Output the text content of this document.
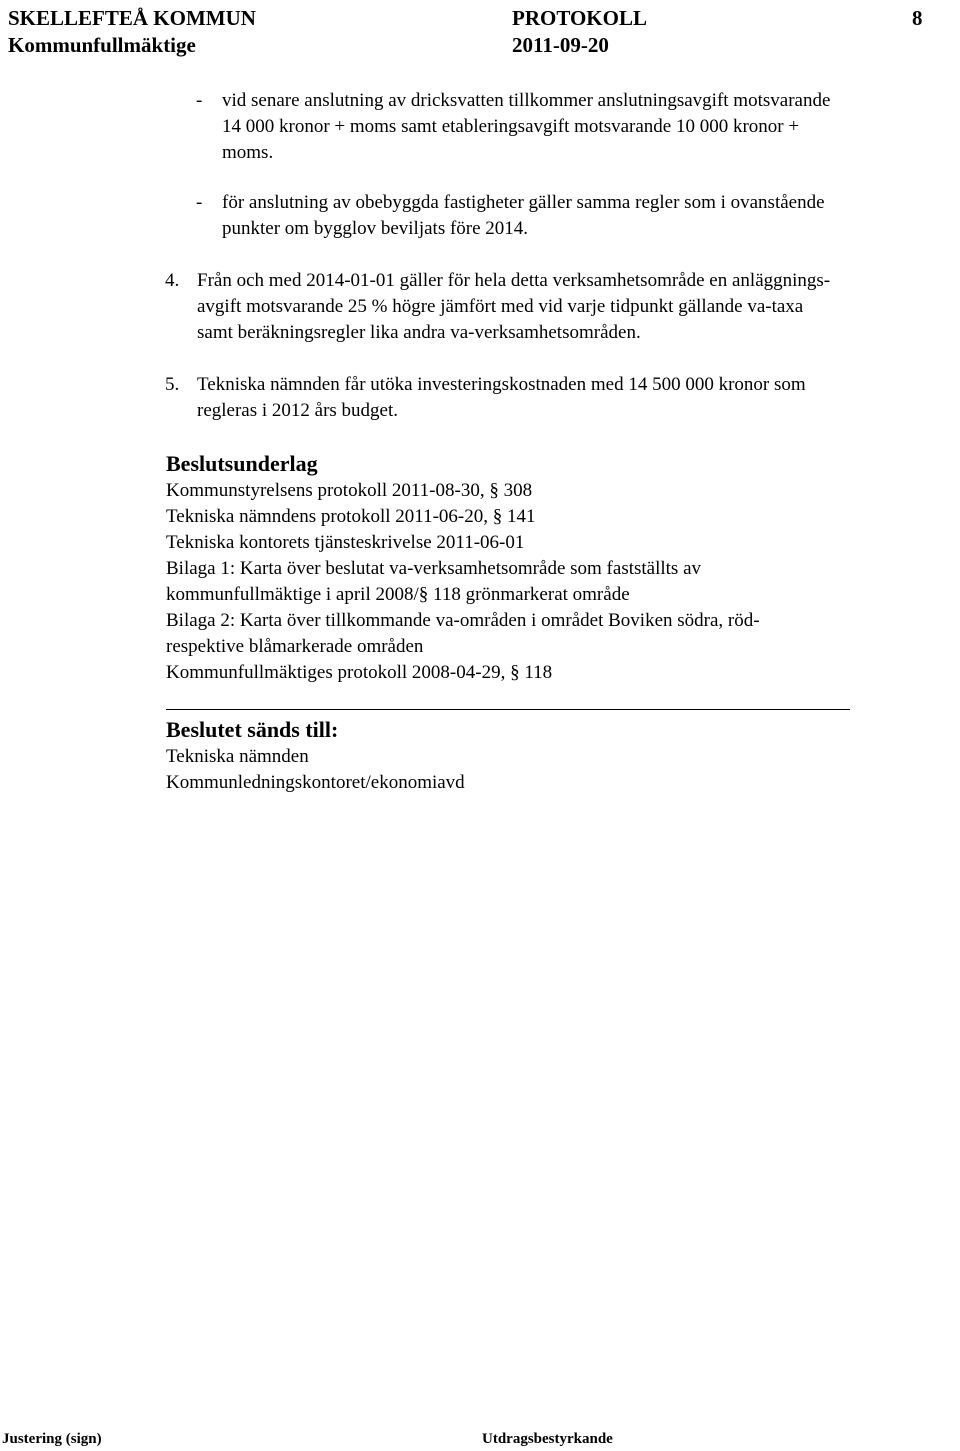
SKELLEFTEÅ KOMMUN	PROTOKOLL	8
Kommunfullmäktige	2011-09-20
- vid senare anslutning av dricksvatten tillkommer anslutningsavgift motsvarande
14 000 kronor + moms samt etableringsavgift motsvarande 10 000 kronor +
moms.
- för anslutning av obebyggda fastigheter gäller samma regler som i ovanstående
punkter om bygglov beviljats före 2014.
4. Från och med 2014-01-01 gäller för hela detta verksamhetsområde en anläggnings-
avgift motsvarande 25 % högre jämfört med vid varje tidpunkt gällande va-taxa
samt beräkningsregler lika andra va-verksamhetsområden.
5. Tekniska nämnden får utöka investeringskostnaden med 14 500 000 kronor som
regleras i 2012 års budget.
Beslutsunderlag
Kommunstyrelsens protokoll 2011-08-30, § 308
Tekniska nämndens protokoll 2011-06-20, § 141
Tekniska kontorets tjänsteskrivelse 2011-06-01
Bilaga 1: Karta över beslutat va-verksamhetsområde som fastställts av
kommunfullmäktige i april 2008/§ 118 grönmarkerat område
Bilaga 2: Karta över tillkommande va-områden i området Boviken södra, röd-
respektive blåmarkerade områden
Kommunfullmäktiges protokoll 2008-04-29, § 118
Beslutet sänds till:
Tekniska nämnden
Kommunledningskontoret/ekonomiavd
Justering (sign)	Utdragsbestyrkande
